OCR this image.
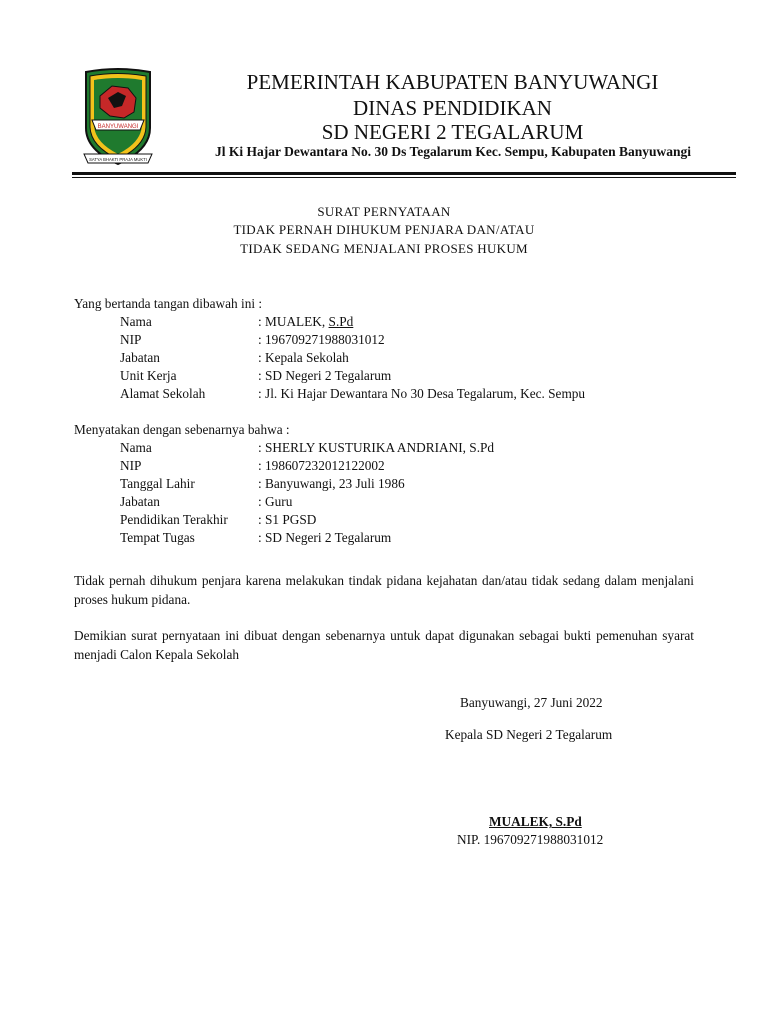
BANYUWANGI
SATYA BHAKTI PRAJA MUKTI
PEMERINTAH KABUPATEN BANYUWANGI
DINAS PENDIDIKAN
SD NEGERI 2 TEGALARUM
Jl Ki Hajar Dewantara No. 30 Ds Tegalarum Kec. Sempu, Kabupaten Banyuwangi
SURAT PERNYATAAN
TIDAK PERNAH DIHUKUM PENJARA DAN/ATAU
TIDAK SEDANG MENJALANI PROSES HUKUM
Yang bertanda tangan dibawah ini :
Nama	: MUALEK, S.Pd
NIP	: 196709271988031012
Jabatan	: Kepala Sekolah
Unit Kerja	: SD Negeri 2 Tegalarum
Alamat Sekolah	: Jl. Ki Hajar Dewantara No 30 Desa Tegalarum, Kec. Sempu
Menyatakan dengan sebenarnya bahwa :
Nama	: SHERLY KUSTURIKA ANDRIANI, S.Pd
NIP	: 198607232012122002
Tanggal Lahir	: Banyuwangi, 23 Juli 1986
Jabatan	: Guru
Pendidikan Terakhir : S1 PGSD
Tempat Tugas	: SD Negeri 2 Tegalarum
Tidak pernah dihukum penjara karena melakukan tindak pidana kejahatan dan/atau tidak sedang dalam menjalani proses hukum pidana.
Demikian surat pernyataan ini dibuat dengan sebenarnya untuk dapat digunakan sebagai bukti pemenuhan syarat menjadi Calon Kepala Sekolah
Banyuwangi, 27 Juni 2022
Kepala SD Negeri 2 Tegalarum
MUALEK, S.Pd
NIP. 196709271988031012
